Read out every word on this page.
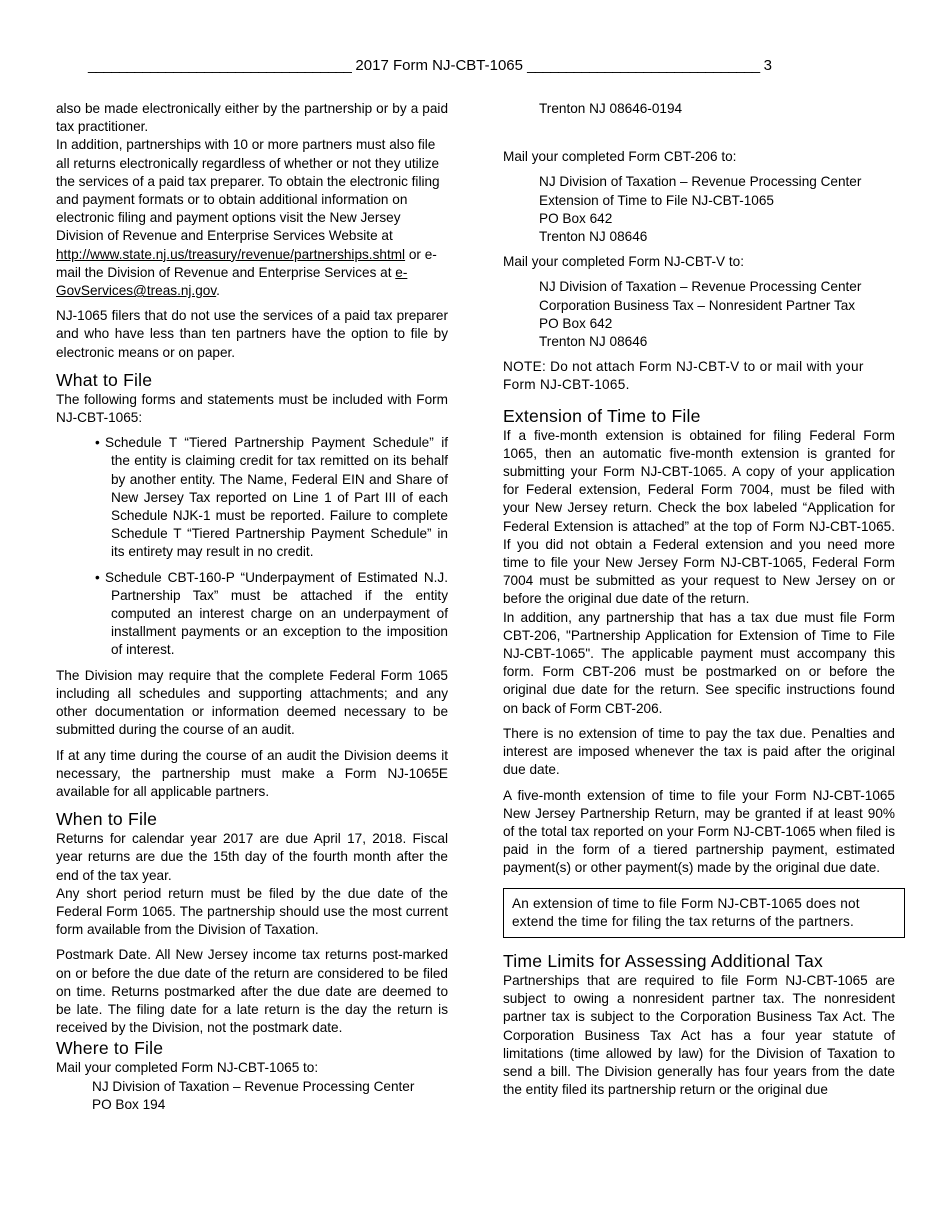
__________________________________ 2017 Form NJ-CBT-1065 ______________________________ 3

also be made electronically either by the partnership or by a paid tax practitioner.

In addition, partnerships with 10 or more partners must also file all returns electronically regardless of whether or not they utilize the services of a paid tax preparer. To obtain the electronic filing and payment formats or to obtain additional information on electronic filing and payment options visit the New Jersey Division of Revenue and Enterprise Services Website at
http://www.state.nj.us/treasury/revenue/partnerships.shtml or e-mail the Division of Revenue and Enterprise Services at e-GovServices@treas.nj.gov.

NJ-1065 filers that do not use the services of a paid tax preparer and who have less than ten partners have the option to file by electronic means or on paper.

What to File

The following forms and statements must be included with Form NJ-CBT-1065:

• Schedule T “Tiered Partnership Payment Schedule” if the entity is claiming credit for tax remitted on its behalf by another entity. The Name, Federal EIN and Share of New Jersey Tax reported on Line 1 of Part III of each Schedule NJK-1 must be reported. Failure to complete Schedule T “Tiered Partnership Payment Schedule” in its entirety may result in no credit.
• Schedule CBT-160-P “Underpayment of Estimated N.J. Partnership Tax” must be attached if the entity computed an interest charge on an underpayment of installment payments or an exception to the imposition of interest.

The Division may require that the complete Federal Form 1065 including all schedules and supporting attachments; and any other documentation or information deemed necessary to be submitted during the course of an audit.

If at any time during the course of an audit the Division deems it necessary, the partnership must make a Form NJ-1065E available for all applicable partners.

When to File

Returns for calendar year 2017 are due April 17, 2018. Fiscal year returns are due the 15th day of the fourth month after the end of the tax year.

Any short period return must be filed by the due date of the Federal Form 1065. The partnership should use the most current form available from the Division of Taxation.

Postmark Date. All New Jersey income tax returns post-marked on or before the due date of the return are considered to be filed on time. Returns postmarked after the due date are deemed to be late. The filing date for a late return is the day the return is received by the Division, not the postmark date.

Where to File

Mail your completed Form NJ-CBT-1065 to:

NJ Division of Taxation – Revenue Processing Center
PO Box 194
Trenton NJ 08646-0194

Mail your completed Form CBT-206 to:

NJ Division of Taxation – Revenue Processing Center
Extension of Time to File NJ-CBT-1065
PO Box 642
Trenton NJ 08646

Mail your completed Form NJ-CBT-V to:

NJ Division of Taxation – Revenue Processing Center
Corporation Business Tax – Nonresident Partner Tax
PO Box 642
Trenton NJ 08646

NOTE: Do not attach Form NJ-CBT-V to or mail with your Form NJ-CBT-1065.

Extension of Time to File

If a five-month extension is obtained for filing Federal Form 1065, then an automatic five-month extension is granted for submitting your Form NJ-CBT-1065. A copy of your application for Federal extension, Federal Form 7004, must be filed with your New Jersey return. Check the box labeled “Application for Federal Extension is attached” at the top of Form NJ-CBT-1065. If you did not obtain a Federal extension and you need more time to file your New Jersey Form NJ-CBT-1065, Federal Form 7004 must be submitted as your request to New Jersey on or before the original due date of the return.

In addition, any partnership that has a tax due must file Form CBT-206, "Partnership Application for Extension of Time to File NJ-CBT-1065". The applicable payment must accompany this form. Form CBT-206 must be postmarked on or before the original due date for the return. See specific instructions found on back of Form CBT-206.

There is no extension of time to pay the tax due. Penalties and interest are imposed whenever the tax is paid after the original due date.

A five-month extension of time to file your Form NJ-CBT-1065 New Jersey Partnership Return, may be granted if at least 90% of the total tax reported on your Form NJ-CBT-1065 when filed is paid in the form of a tiered partnership payment, estimated payment(s) or other payment(s) made by the original due date.

An extension of time to file Form NJ-CBT-1065 does not extend the time for filing the tax returns of the partners.
Time Limits for Assessing Additional Tax

Partnerships that are required to file Form NJ-CBT-1065 are subject to owing a nonresident partner tax. The nonresident partner tax is subject to the Corporation Business Tax Act. The Corporation Business Tax Act has a four year statute of limitations (time allowed by law) for the Division of Taxation to send a bill. The Division generally has four years from the date the entity filed its partnership return or the original due
